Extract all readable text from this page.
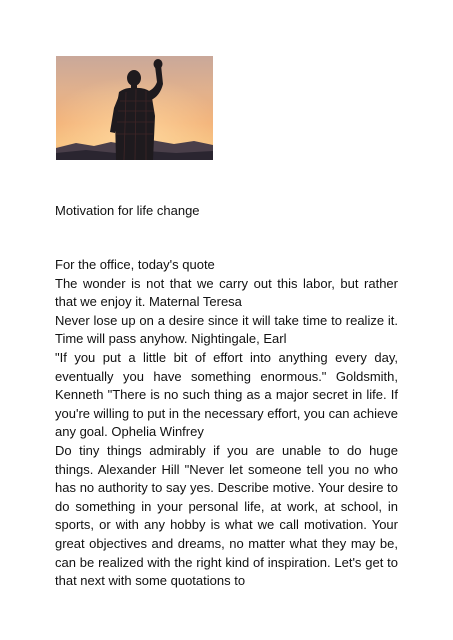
Motivation for life change

For the office, today's quote

The wonder is not that we carry out this labor, but rather that we enjoy it. Maternal Teresa

Never lose up on a desire since it will take time to realize it. Time will pass anyhow. Nightingale, Earl

"If you put a little bit of effort into anything every day, eventually you have something enormous." Goldsmith, Kenneth "There is no such thing as a major secret in life. If you're willing to put in the necessary effort, you can achieve any goal. Ophelia Winfrey

Do tiny things admirably if you are unable to do huge things. Alexander Hill "Never let someone tell you no who has no authority to say yes. Describe motive. Your desire to do something in your personal life, at work, at school, in sports, or with any hobby is what we call motivation. Your great objectives and dreams, no matter what they may be, can be realized with the right kind of inspiration. Let's get to that next with some quotations to
